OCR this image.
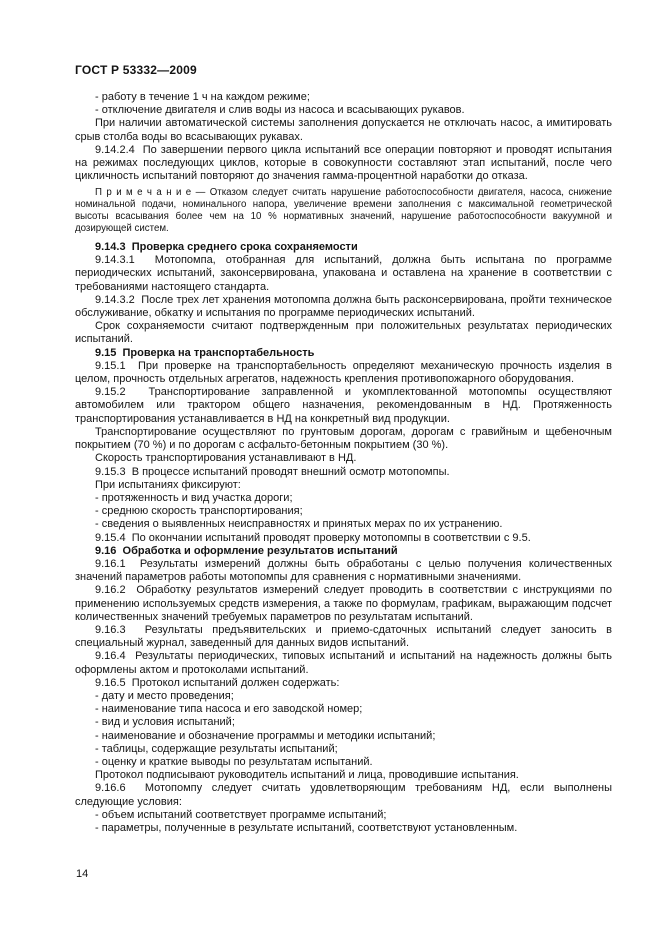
ГОСТ Р 53332—2009

- работу в течение 1 ч на каждом режиме;

- отключение двигателя и слив воды из насоса и всасывающих рукавов.

При наличии автоматической системы заполнения допускается не отключать насос, а имитировать срыв столба воды во всасывающих рукавах.

9.14.2.4  По завершении первого цикла испытаний все операции повторяют и проводят испытания на режимах последующих циклов, которые в совокупности составляют этап испытаний, после чего цикличность испытаний повторяют до значения гамма-процентной наработки до отказа.

П р и м е ч а н и е — Отказом следует считать нарушение работоспособности двигателя, насоса, снижение номинальной подачи, номинального напора, увеличение времени заполнения с максимальной геометрической высоты всасывания более чем на 10 % нормативных значений, нарушение работоспособности вакуумной и дозирующей систем.

9.14.3  Проверка среднего срока сохраняемости

9.14.3.1  Мотопомпа, отобранная для испытаний, должна быть испытана по программе периодических испытаний, законсервирована, упакована и оставлена на хранение в соответствии с требованиями настоящего стандарта.

9.14.3.2  После трех лет хранения мотопомпа должна быть расконсервирована, пройти техническое обслуживание, обкатку и испытания по программе периодических испытаний.

Срок сохраняемости считают подтвержденным при положительных результатах периодических испытаний.

9.15  Проверка на транспортабельность

9.15.1  При проверке на транспортабельность определяют механическую прочность изделия в целом, прочность отдельных агрегатов, надежность крепления противопожарного оборудования.

9.15.2  Транспортирование заправленной и укомплектованной мотопомпы осуществляют автомобилем или трактором общего назначения, рекомендованным в НД. Протяженность транспортирования устанавливается в НД на конкретный вид продукции.

Транспортирование осуществляют по грунтовым дорогам, дорогам с гравийным и щебеночным покрытием (70 %) и по дорогам с асфальто-бетонным покрытием (30 %).

Скорость транспортирования устанавливают в НД.

9.15.3  В процессе испытаний проводят внешний осмотр мотопомпы.

При испытаниях фиксируют:

- протяженность и вид участка дороги;

- среднюю скорость транспортирования;

- сведения о выявленных неисправностях и принятых мерах по их устранению.

9.15.4  По окончании испытаний проводят проверку мотопомпы в соответствии с 9.5.

9.16  Обработка и оформление результатов испытаний

9.16.1  Результаты измерений должны быть обработаны с целью получения количественных значений параметров работы мотопомпы для сравнения с нормативными значениями.

9.16.2  Обработку результатов измерений следует проводить в соответствии с инструкциями по применению используемых средств измерения, а также по формулам, графикам, выражающим подсчет количественных значений требуемых параметров по результатам испытаний.

9.16.3  Результаты предъявительских и приемо-сдаточных испытаний следует заносить в специальный журнал, заведенный для данных видов испытаний.

9.16.4  Результаты периодических, типовых испытаний и испытаний на надежность должны быть оформлены актом и протоколами испытаний.

9.16.5  Протокол испытаний должен содержать:

- дату и место проведения;

- наименование типа насоса и его заводской номер;

- вид и условия испытаний;

- наименование и обозначение программы и методики испытаний;

- таблицы, содержащие результаты испытаний;

- оценку и краткие выводы по результатам испытаний.

Протокол подписывают руководитель испытаний и лица, проводившие испытания.

9.16.6  Мотопомпу следует считать удовлетворяющим требованиям НД, если выполнены следующие условия:

- объем испытаний соответствует программе испытаний;

- параметры, полученные в результате испытаний, соответствуют установленным.

14
